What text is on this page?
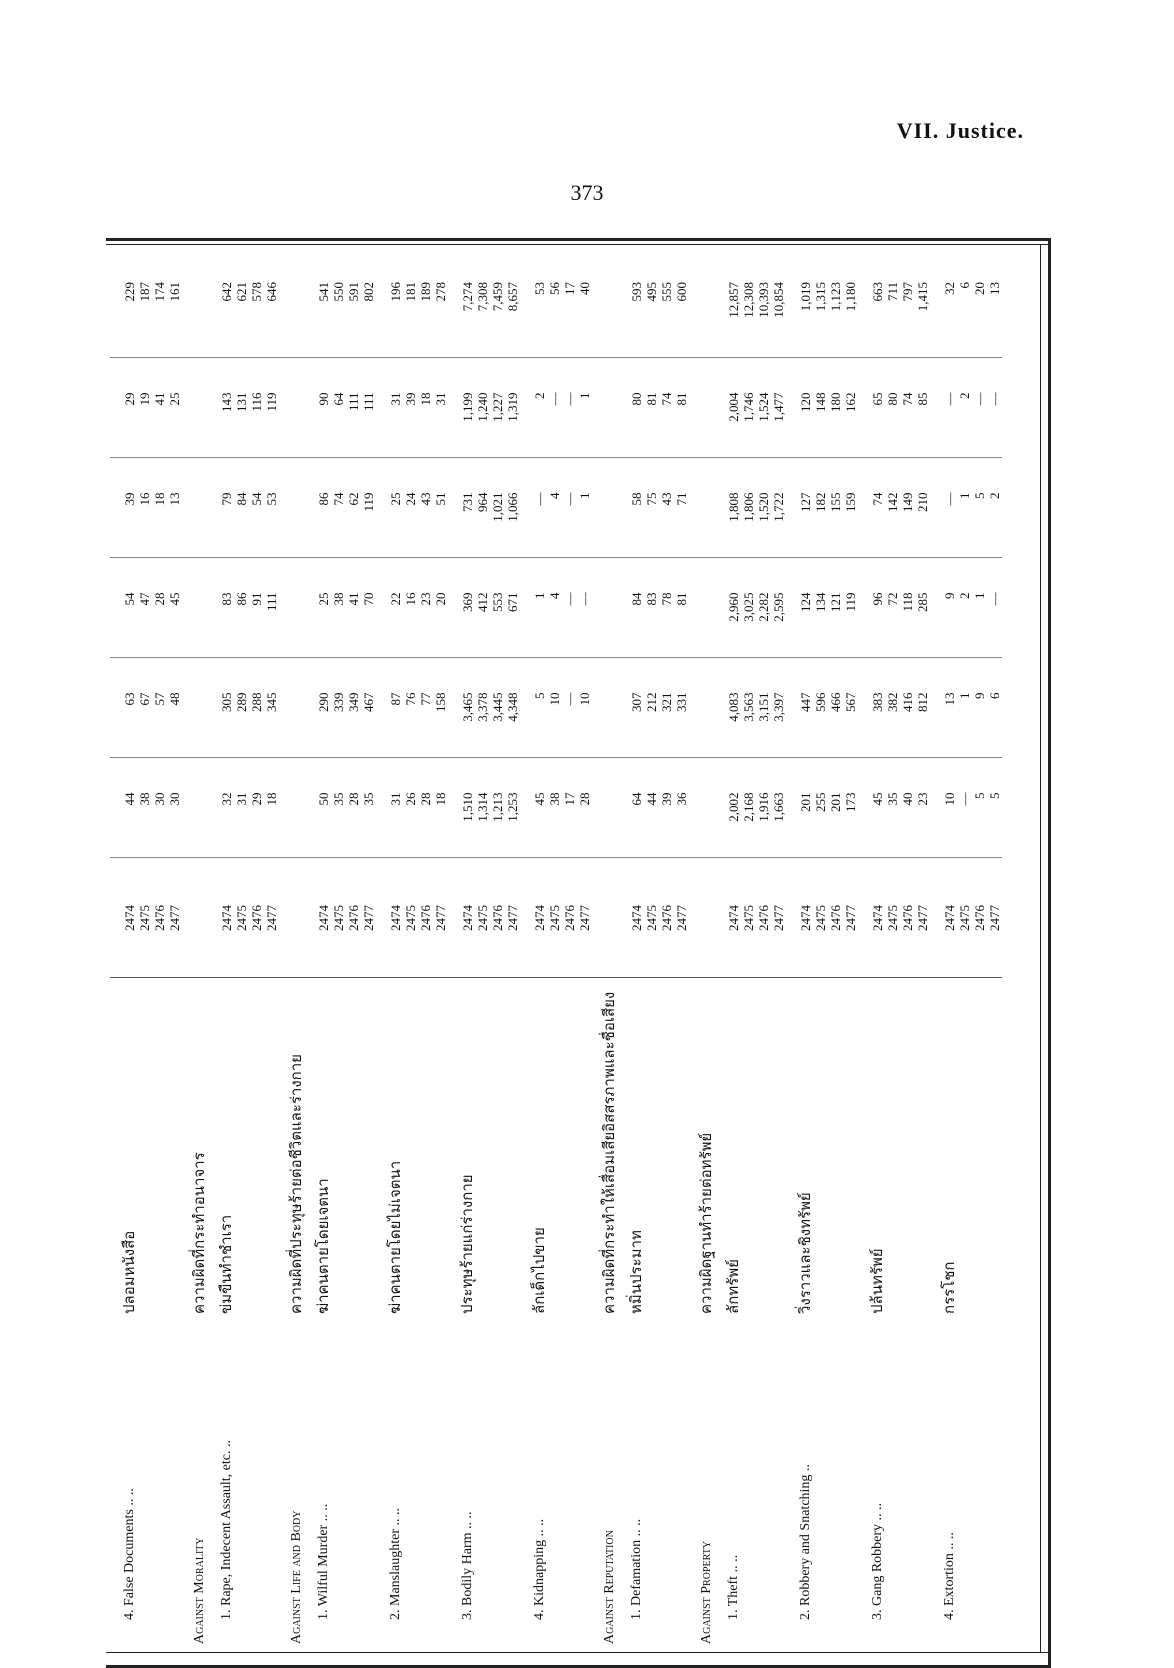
VII. Justice.
373
4. False Documents .. ..	ปลอมหนังสือ	2474 2475 2476 2477	44 38 30 30	63 67 57 48	54 47 28 45	39 16 18 13	29 19 41 25	229 187 174 161

Against Morality	ความผิดที่กระทำอนาจาร							
1. Rape, Indecent Assault, etc. ..	ข่มขืนทำชำเรา	2474 2475 2476 2477	32 31 29 18	305 289 288 345	83 86 91 111	79 84 54 53	143 131 116 119	642 621 578 646

Against Life and Body	ความผิดที่ประทุษร้ายต่อชีวิตและร่างกาย							
1. Wilful Murder .. ..	ฆ่าคนตายโดยเจตนา	2474 2475 2476 2477	50 35 28 35	290 339 349 467	25 38 41 70	86 74 62 119	90 64 111 111	541 550 591 802

2. Manslaughter .. ..	ฆ่าคนตายโดยไม่เจตนา	2474 2475 2476 2477	31 26 28 18	87 76 77 158	22 16 23 20	25 24 43 51	31 39 18 31	196 181 189 278

3. Bodily Harm .. ..	ประทุษร้ายแก่ร่างกาย	2474 2475 2476 2477	1,510 1,314 1,213 1,253	3,465 3,378 3,445 4,348	369 412 553 671	731 964 1,021 1,066	1,199 1,240 1,227 1,319	7,274 7,308 7,459 8,657

4. Kidnapping .. ..	ลักเด็กไปขาย	2474 2475 2476 2477	45 38 17 28	5 10 — 10	1 4 — —	— 4 — 1	2 — — 1	53 56 17 40

Against Reputation	ความผิดที่กระทำให้เสื่อมเสียอิสสรภาพและชื่อเสียง							
1. Defamation .. ..	หมิ่นประมาท	2474 2475 2476 2477	64 44 39 36	307 212 321 331	84 83 78 81	58 75 43 71	80 81 74 81	593 495 555 600

Against Property	ความผิดฐานทำร้ายต่อทรัพย์							
1. Theft .. ..	ลักทรัพย์	2474 2475 2476 2477	2,002 2,168 1,916 1,663	4,083 3,563 3,151 3,397	2,960 3,025 2,282 2,595	1,808 1,806 1,520 1,722	2,004 1,746 1,524 1,477	12,857 12,308 10,393 10,854

2. Robbery and Snatching ..	วิ่งราวและชิงทรัพย์	2474 2475 2476 2477	201 255 201 173	447 596 466 567	124 134 121 119	127 182 155 159	120 148 180 162	1,019 1,315 1,123 1,180

3. Gang Robbery .. ..	ปล้นทรัพย์	2474 2475 2476 2477	45 35 40 23	383 382 416 812	96 72 118 285	74 142 149 210	65 80 74 85	663 711 797 1,415

4. Extortion .. ..	กรรโชก	2474 2475 2476 2477	10 — 5 5	13 1 9 6	9 2 1 —	— 1 5 2	— 2 — —	32 6 20 13
